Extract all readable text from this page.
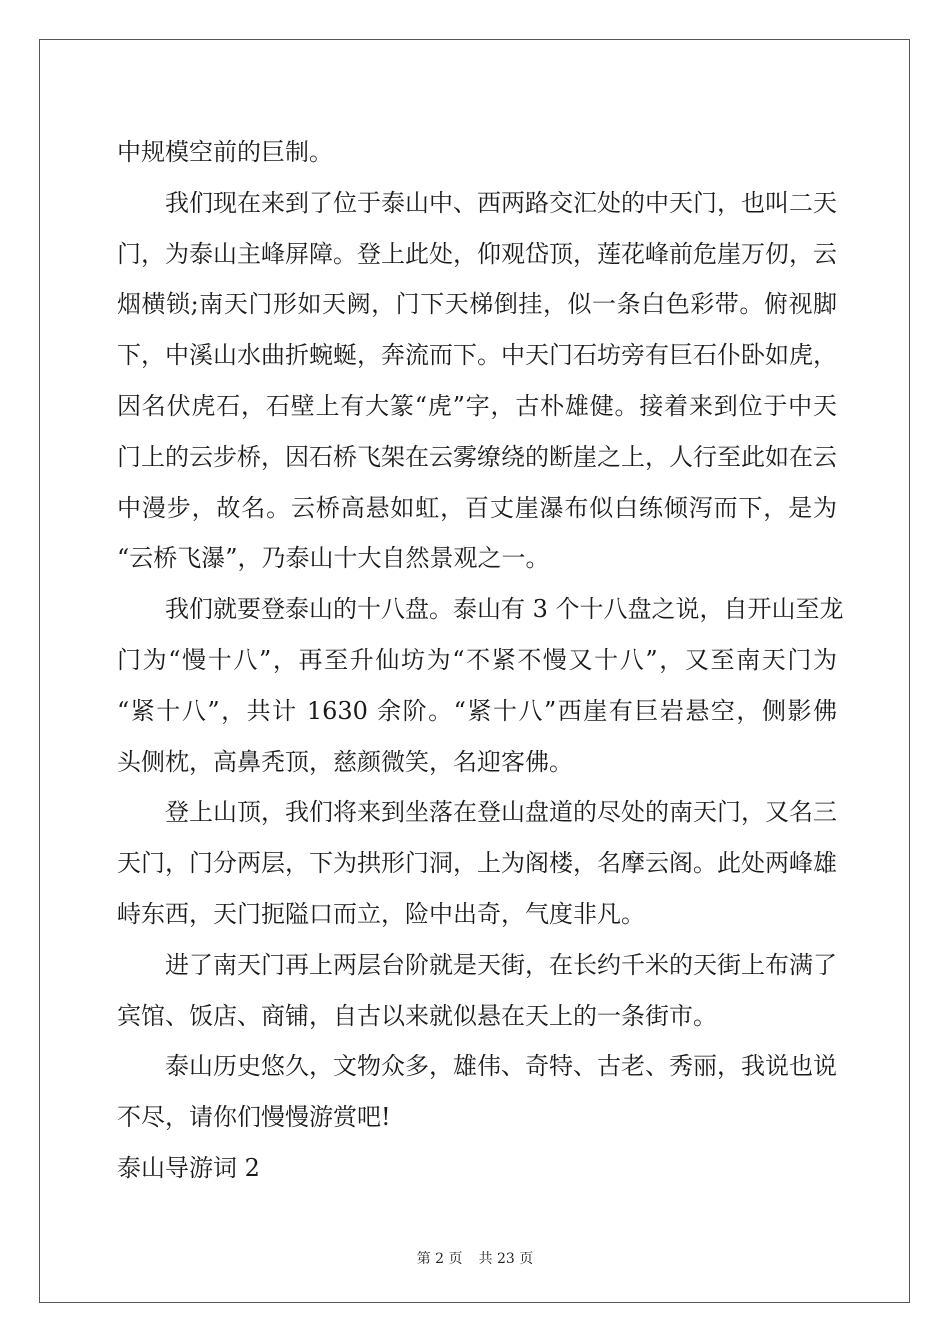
中规模空前的巨制。
我们现在来到了位于泰山中、西两路交汇处的中天门，也叫二天
门，为泰山主峰屏障。登上此处，仰观岱顶，莲花峰前危崖万仞，云
烟横锁;南天门形如天阙，门下天梯倒挂，似一条白色彩带。俯视脚
下，中溪山水曲折蜿蜒，奔流而下。中天门石坊旁有巨石仆卧如虎，
因名伏虎石，石壁上有大篆“虎”字，古朴雄健。接着来到位于中天
门上的云步桥，因石桥飞架在云雾缭绕的断崖之上，人行至此如在云
中漫步，故名。云桥高悬如虹，百丈崖瀑布似白练倾泻而下，是为
“云桥飞瀑”，乃泰山十大自然景观之一。
我们就要登泰山的十八盘。泰山有 3 个十八盘之说，自开山至龙
门为“慢十八”，再至升仙坊为“不紧不慢又十八”，又至南天门为
“紧十八”，共计 1630 余阶。“紧十八”西崖有巨岩悬空，侧影佛
头侧枕，高鼻秃顶，慈颜微笑，名迎客佛。
登上山顶，我们将来到坐落在登山盘道的尽处的南天门，又名三
天门，门分两层，下为拱形门洞，上为阁楼，名摩云阁。此处两峰雄
峙东西，天门扼隘口而立，险中出奇，气度非凡。
进了南天门再上两层台阶就是天街，在长约千米的天街上布满了
宾馆、饭店、商铺，自古以来就似悬在天上的一条街市。
泰山历史悠久，文物众多，雄伟、奇特、古老、秀丽，我说也说
不尽，请你们慢慢游赏吧!
泰山导游词 2
第 2 页 共 23 页
